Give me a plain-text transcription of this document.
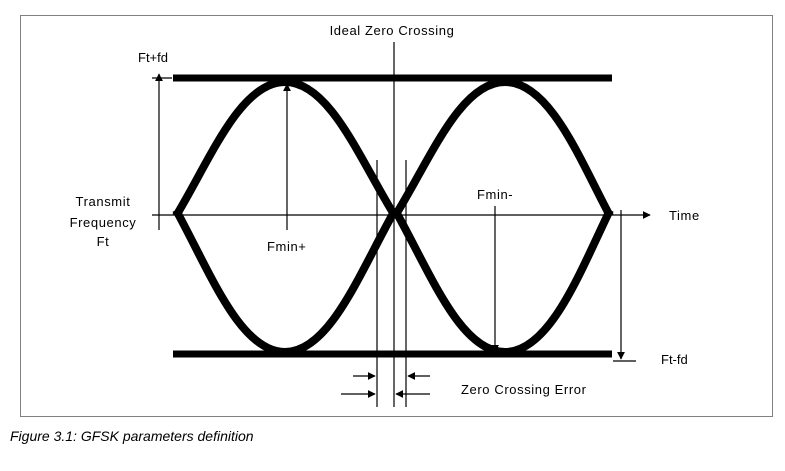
Ideal Zero Crossing
Ft+fd
Transmit
Frequency
Ft	Fmin+
Fmin-
Time
Ft-fd
Zero Crossing Error
Figure 3.1: GFSK parameters definition
